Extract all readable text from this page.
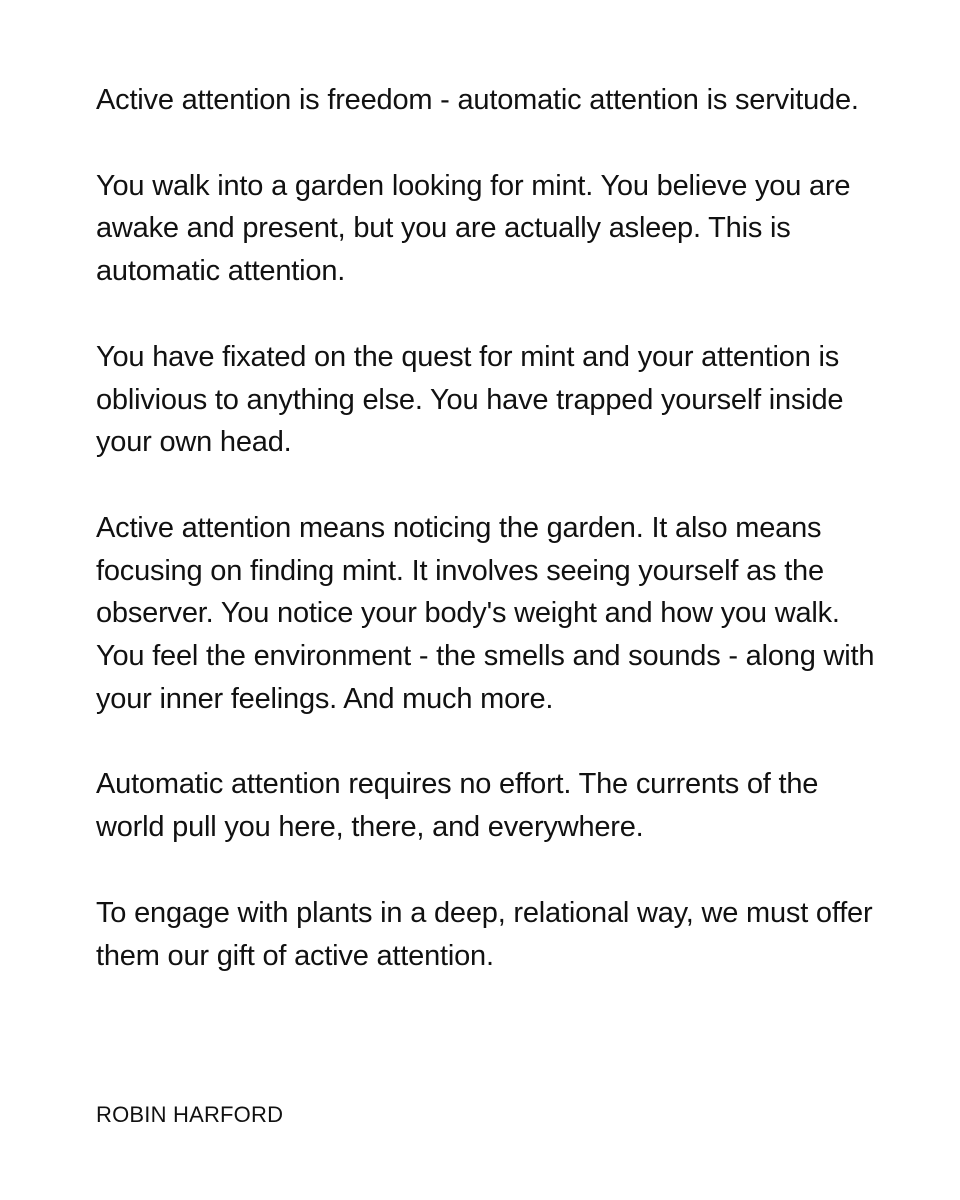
Active attention is freedom - automatic attention is servitude.

You walk into a garden looking for mint. You believe you are awake and present, but you are actually asleep. This is automatic attention.

You have fixated on the quest for mint and your attention is oblivious to anything else. You have trapped yourself inside your own head.

Active attention means noticing the garden. It also means focusing on finding mint. It involves seeing yourself as the observer. You notice your body's weight and how you walk. You feel the environment - the smells and sounds - along with your inner feelings. And much more.

Automatic attention requires no effort. The currents of the world pull you here, there, and everywhere.

To engage with plants in a deep, relational way, we must offer them our gift of active attention.

ROBIN HARFORD
